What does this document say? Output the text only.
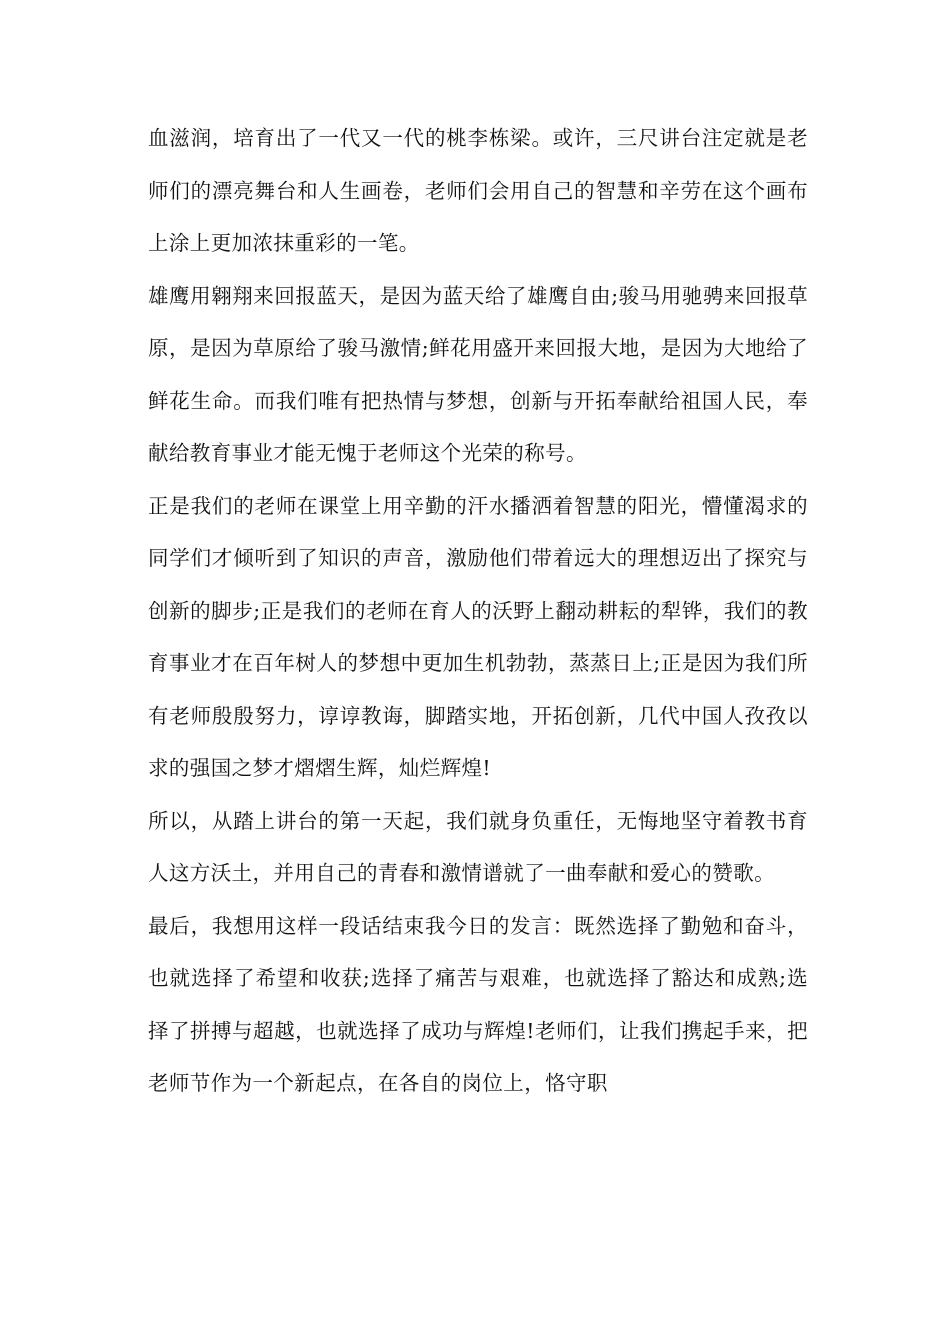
血滋润，培育出了一代又一代的桃李栋梁。或许，三尺讲台注定就是老师们的漂亮舞台和人生画卷，老师们会用自己的智慧和辛劳在这个画布上涂上更加浓抹重彩的一笔。

雄鹰用翱翔来回报蓝天，是因为蓝天给了雄鹰自由;骏马用驰骋来回报草原，是因为草原给了骏马激情;鲜花用盛开来回报大地，是因为大地给了鲜花生命。而我们唯有把热情与梦想，创新与开拓奉献给祖国人民，奉献给教育事业才能无愧于老师这个光荣的称号。

正是我们的老师在课堂上用辛勤的汗水播洒着智慧的阳光，懵懂渴求的同学们才倾听到了知识的声音，激励他们带着远大的理想迈出了探究与创新的脚步;正是我们的老师在育人的沃野上翻动耕耘的犁铧，我们的教育事业才在百年树人的梦想中更加生机勃勃，蒸蒸日上;正是因为我们所有老师殷殷努力，谆谆教诲，脚踏实地，开拓创新，几代中国人孜孜以求的强国之梦才熠熠生辉，灿烂辉煌!

所以，从踏上讲台的第一天起，我们就身负重任，无悔地坚守着教书育人这方沃土，并用自己的青春和激情谱就了一曲奉献和爱心的赞歌。

最后，我想用这样一段话结束我今日的发言：既然选择了勤勉和奋斗，也就选择了希望和收获;选择了痛苦与艰难，也就选择了豁达和成熟;选择了拼搏与超越，也就选择了成功与辉煌!老师们，让我们携起手来，把老师节作为一个新起点，在各自的岗位上，恪守职
